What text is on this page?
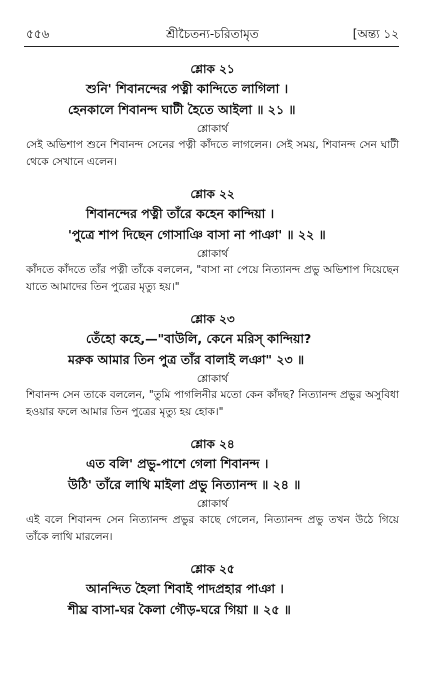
৫৫৬	শ্রীচৈতন্য-চরিতামৃত	[অন্ত্য ১২
শ্লোক ২১

শুনি' শিবানন্দের পত্নী কান্দিতে লাগিলা ।

হেনকালে শিবানন্দ ঘাটী হৈতে আইলা ॥ ২১ ॥

শ্লোকার্থ

সেই অভিশাপ শুনে শিবানন্দ সেনের পত্নী কাঁদতে লাগলেন। সেই সময়, শিবানন্দ সেন ঘাটী থেকে সেখানে এলেন।

শ্লোক ২২

শিবানন্দের পত্নী তাঁরে কহেন কান্দিয়া ।

'পুত্রে শাপ দিছেন গোসাঞি বাসা না পাঞা' ॥ ২২ ॥

শ্লোকার্থ

কাঁদতে কাঁদতে তাঁর পত্নী তাঁকে বললেন, "বাসা না পেয়ে নিত্যানন্দ প্রভু অভিশাপ দিয়েছেন যাতে আমাদের তিন পুত্রের মৃত্যু হয়।"

শ্লোক ২৩

তেঁহো কহে,—"বাউলি, কেনে মরিস্ কান্দিয়া?

মরুক আমার তিন পুত্র তাঁর বালাই লঞা" ২৩ ॥

শ্লোকার্থ

শিবানন্দ সেন তাকে বললেন, "তুমি পাগলিনীর মতো কেন কাঁদছ? নিত্যানন্দ প্রভুর অসুবিধা হওয়ার ফলে আমার তিন পুত্রের মৃত্যু হয় হোক।"

শ্লোক ২৪

এত বলি' প্রভু-পাশে গেলা শিবানন্দ ।

উঠি' তাঁরে লাথি মাইলা প্রভু নিত্যানন্দ ॥ ২৪ ॥

শ্লোকার্থ

এই বলে শিবানন্দ সেন নিত্যানন্দ প্রভুর কাছে গেলেন, নিত্যানন্দ প্রভু তখন উঠে গিয়ে তাঁকে লাথি মারলেন।

শ্লোক ২৫

আনন্দিত হৈলা শিবাই পাদপ্রহার পাঞা ।

শীঘ্র বাসা-ঘর কৈলা গৌড়-ঘরে গিয়া ॥ ২৫ ॥
